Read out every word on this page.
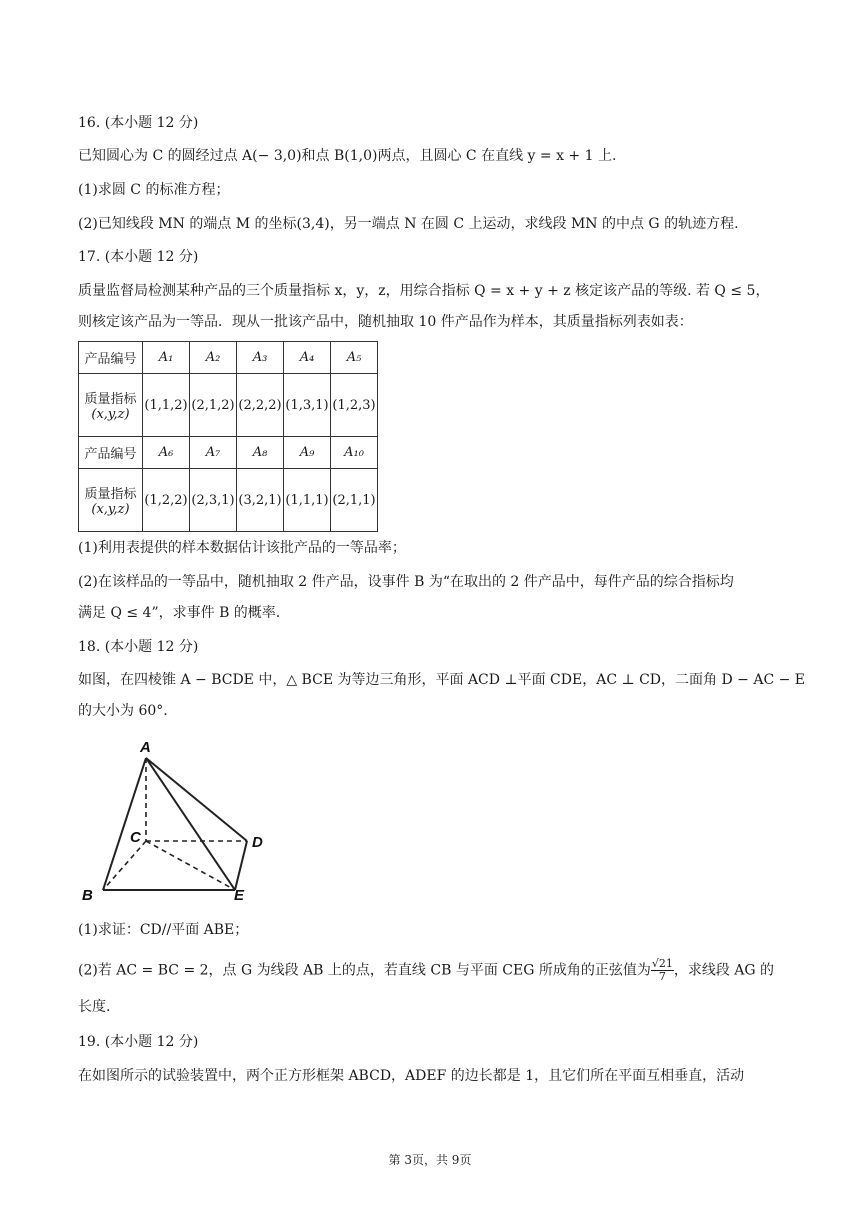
16. (本小题 12 分)
已知圆心为 C 的圆经过点 A(− 3,0)和点 B(1,0)两点，且圆心 C 在直线 y = x + 1 上.
(1)求圆 C 的标准方程；
(2)已知线段 MN 的端点 M 的坐标(3,4)，另一端点 N 在圆 C 上运动，求线段 MN 的中点 G 的轨迹方程.
17. (本小题 12 分)
质量监督局检测某种产品的三个质量指标 x，y，z，用综合指标 Q = x + y + z 核定该产品的等级. 若 Q ≤ 5，
则核定该产品为一等品．现从一批该产品中，随机抽取 10 件产品作为样本，其质量指标列表如表：
产品编号	A₁	A₂	A₃	A₄	A₅
质量指标
(x,y,z)	(1,1,2)	(2,1,2)	(2,2,2)	(1,3,1)	(1,2,3)
产品编号	A₆	A₇	A₈	A₉	A₁₀
质量指标
(x,y,z)	(1,2,2)	(2,3,1)	(3,2,1)	(1,1,1)	(2,1,1)
(1)利用表提供的样本数据估计该批产品的一等品率；
(2)在该样品的一等品中，随机抽取 2 件产品，设事件 B 为“在取出的 2 件产品中，每件产品的综合指标均
满足 Q ≤ 4”，求事件 B 的概率.
18. (本小题 12 分)
如图，在四棱锥 A − BCDE 中，△ BCE 为等边三角形，平面 ACD ⊥平面 CDE，AC ⊥ CD，二面角 D − AC − E
的大小为 60°.
A
C	D
B	E
(1)求证：CD//平面 ABE；
(2)若 AC = BC = 2，点 G 为线段 AB 上的点，若直线 CB 与平面 CEG 所成角的正弦值为 $\frac{√21}{7}$ ，求线段 AG 的
长度.
19. (本小题 12 分)
在如图所示的试验装置中，两个正方形框架 ABCD，ADEF 的边长都是 1，且它们所在平面互相垂直，活动
第 3页，共 9页
